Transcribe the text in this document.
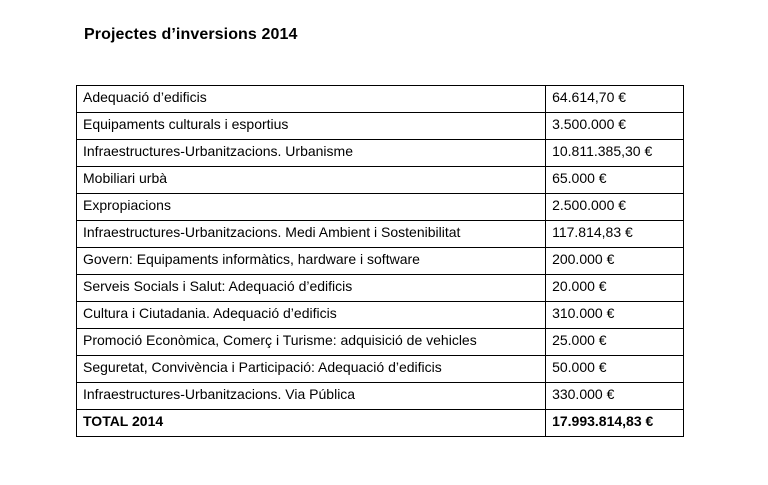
Projectes d’inversions 2014
Adequació d’edificis	64.614,70 €
Equipaments culturals i esportius	3.500.000 €
Infraestructures-Urbanitzacions. Urbanisme	10.811.385,30 €
Mobiliari urbà	65.000 €
Expropiacions	2.500.000 €
Infraestructures-Urbanitzacions. Medi Ambient i Sostenibilitat	117.814,83 €
Govern: Equipaments informàtics, hardware i software	200.000 €
Serveis Socials i Salut: Adequació d’edificis	20.000 €
Cultura i Ciutadania. Adequació d’edificis	310.000 €
Promoció Econòmica, Comerç i Turisme: adquisició de vehicles	25.000 €
Seguretat, Convivència i Participació: Adequació d’edificis	50.000 €
Infraestructures-Urbanitzacions. Via Pública	330.000 €
TOTAL 2014	17.993.814,83 €
